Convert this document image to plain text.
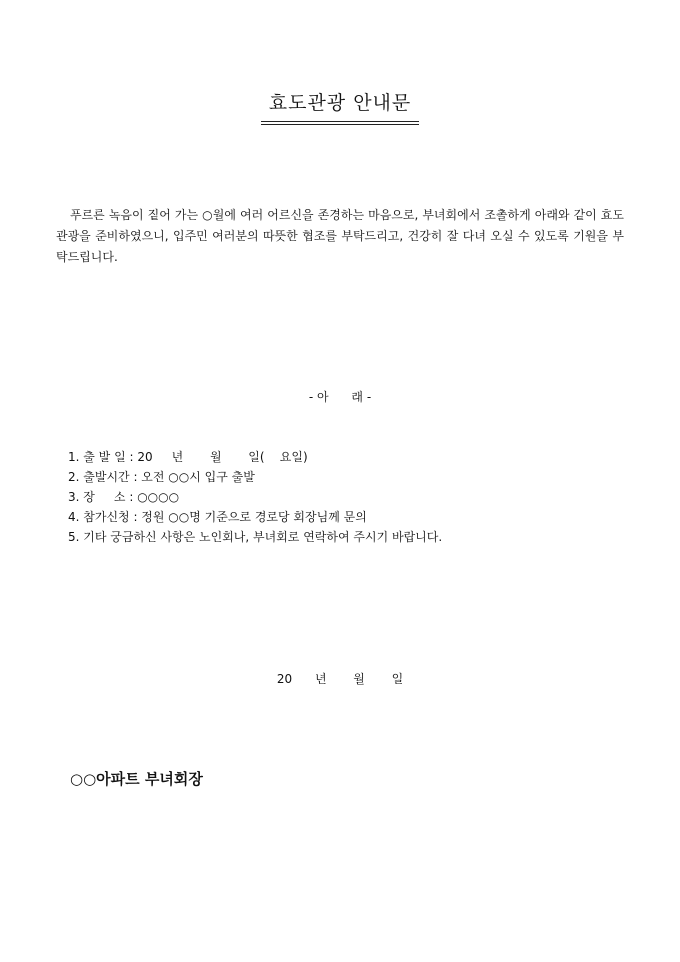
효도관광 안내문

푸르른 녹음이 짙어 가는 ○월에 여러 어르신을 존경하는 마음으로, 부녀회에서 조촐하게 아래와 같이 효도 관광을 준비하였으니, 입주민 여러분의 따뜻한 협조를 부탁드리고, 건강히 잘 다녀 오실 수 있도록 기원을 부탁드립니다.

- 아      래 -
1. 출 발 일 : 20     년       월       일(    요일)
2. 출발시간 : 오전 ○○시 입구 출발
3. 장     소 : ○○○○
4. 참가신청 : 정원 ○○명 기준으로 경로당 회장님께 문의
5. 기타 궁금하신 사항은 노인회나, 부녀회로 연락하여 주시기 바랍니다.
20      년       월       일
○○아파트 부녀회장
